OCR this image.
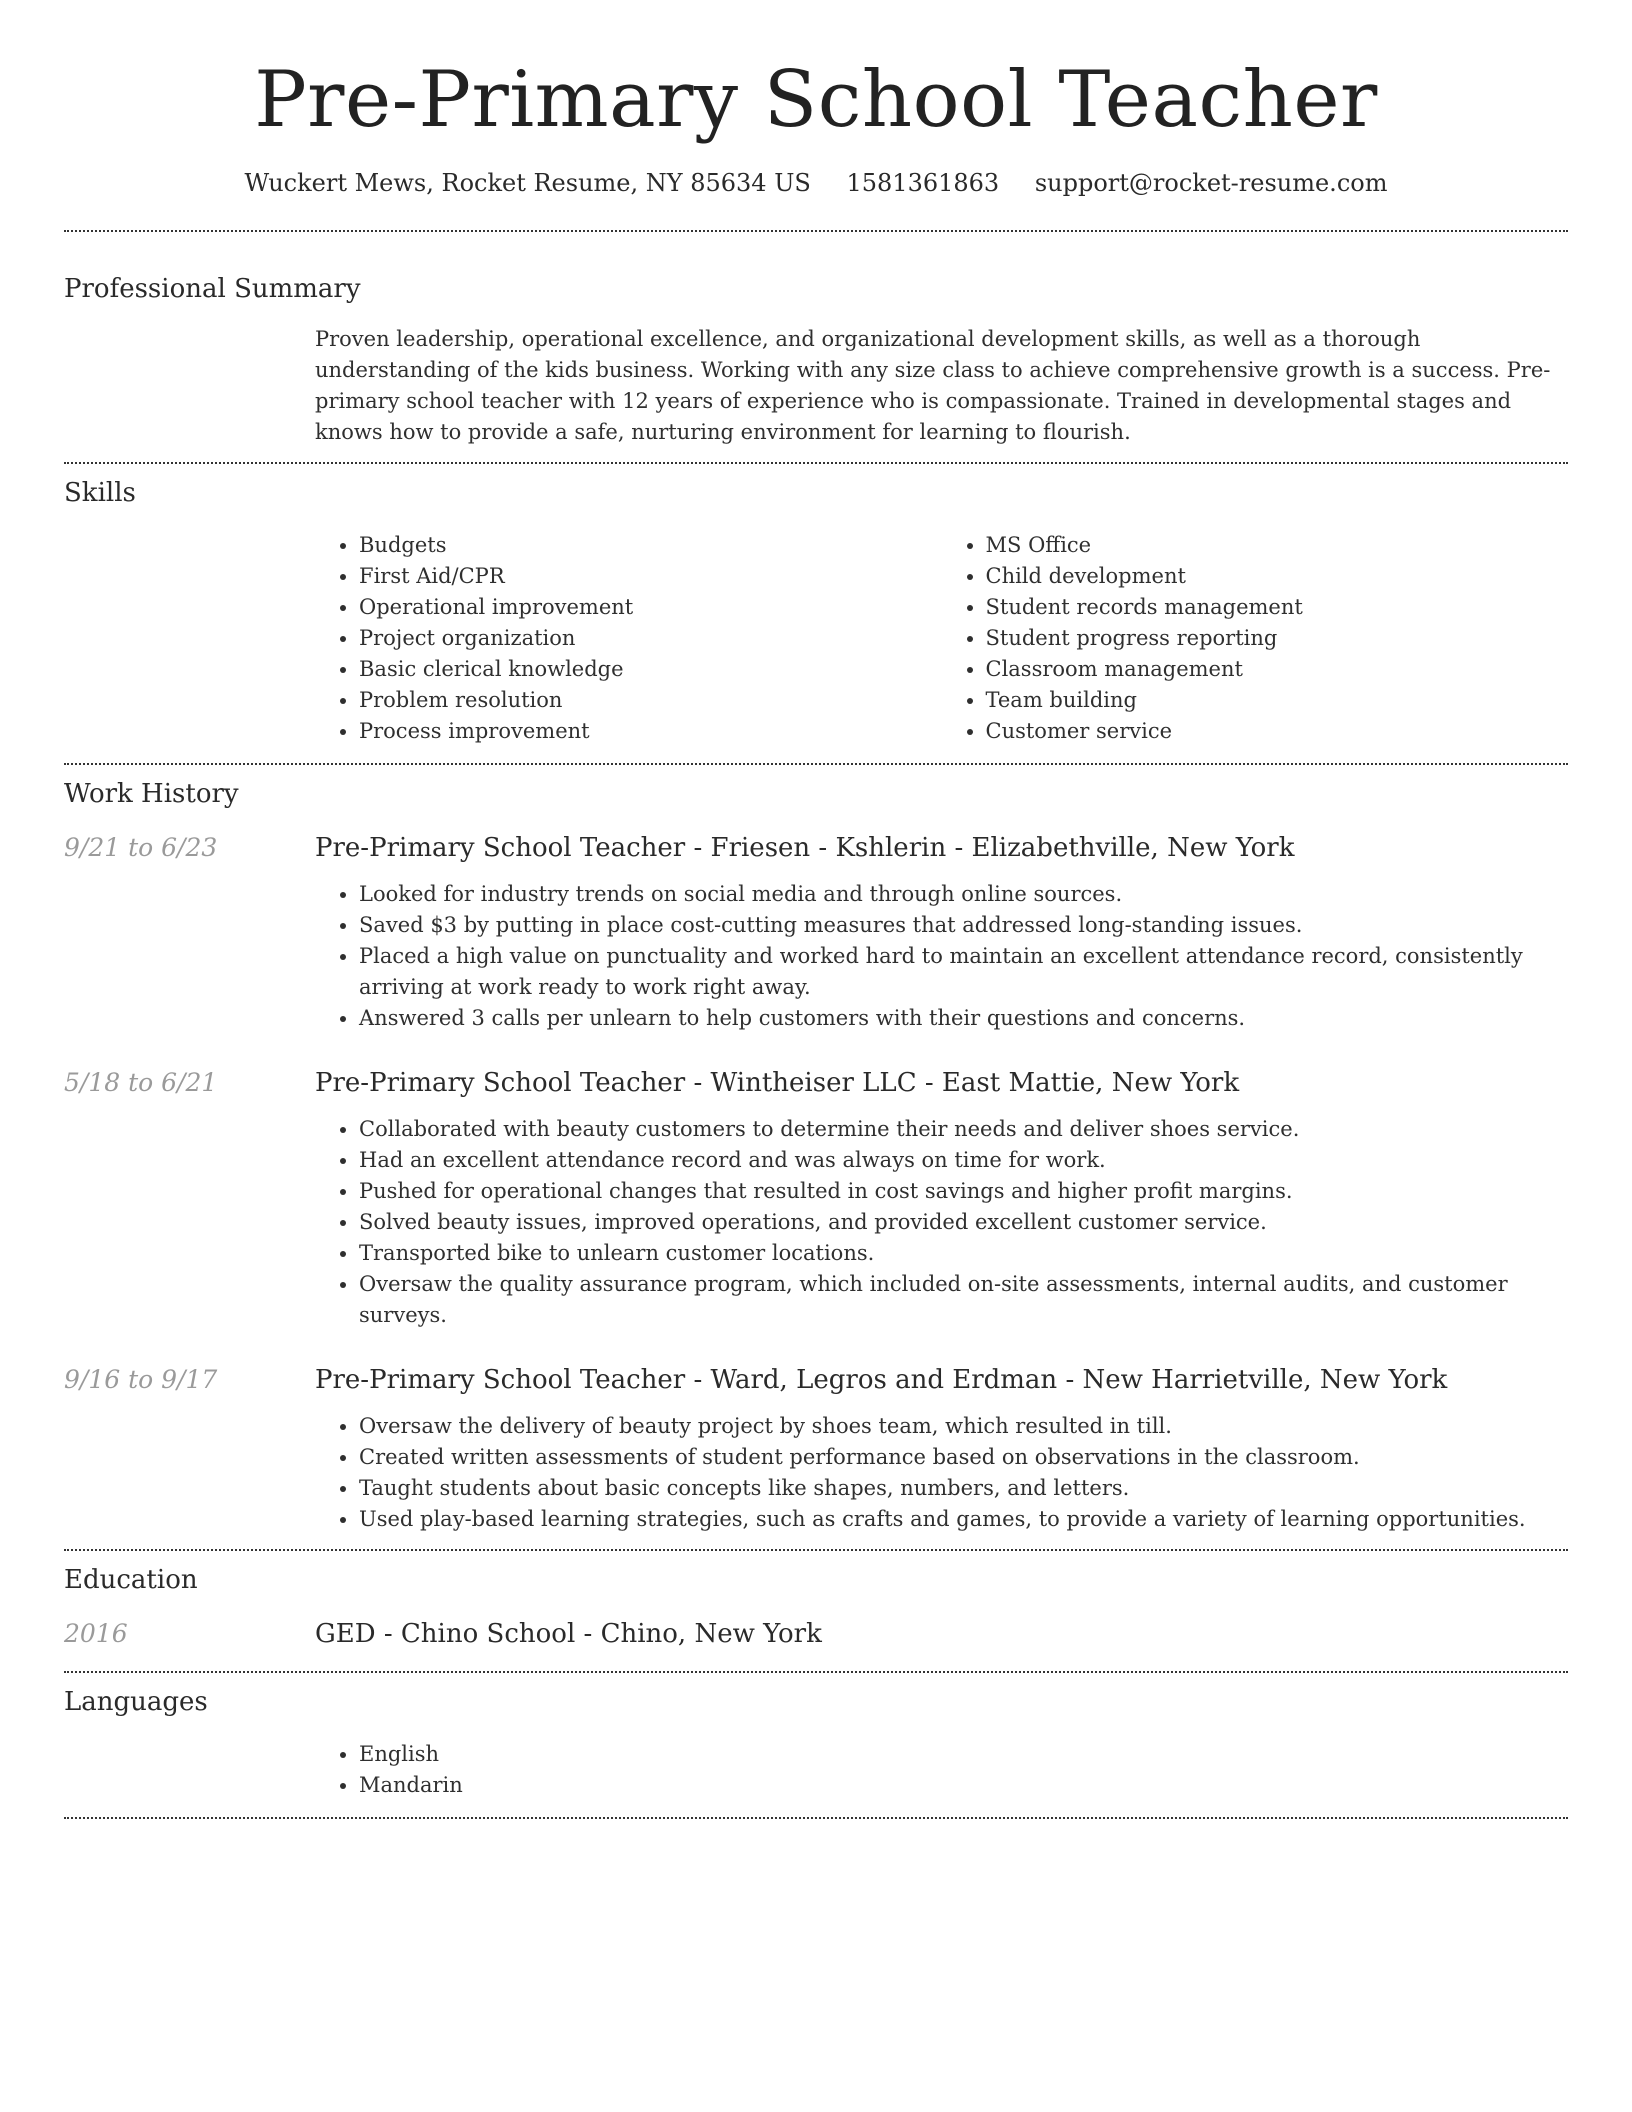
Pre-Primary School Teacher
Wuckert Mews, Rocket Resume, NY 85634 US 1581361863 support@rocket-resume.com
Professional Summary

Proven leadership, operational excellence, and organizational development skills, as well as a thorough understanding of the kids business. Working with any size class to achieve comprehensive growth is a success. Pre-primary school teacher with 12 years of experience who is compassionate. Trained in developmental stages and knows how to provide a safe, nurturing environment for learning to flourish.

Skills
• Budgets
• First Aid/CPR
• Operational improvement
• Project organization
• Basic clerical knowledge
• Problem resolution
• Process improvement
• MS Office
• Child development
• Student records management
• Student progress reporting
• Classroom management
• Team building
• Customer service
Work History
9/21 to 6/23	Pre-Primary School Teacher - Friesen - Kshlerin - Elizabethville, New York
• Looked for industry trends on social media and through online sources.
• Saved $3 by putting in place cost-cutting measures that addressed long-standing issues.
• Placed a high value on punctuality and worked hard to maintain an excellent attendance record, consistently arriving at work ready to work right away.
• Answered 3 calls per unlearn to help customers with their questions and concerns.
5/18 to 6/21	Pre-Primary School Teacher - Wintheiser LLC - East Mattie, New York
• Collaborated with beauty customers to determine their needs and deliver shoes service.
• Had an excellent attendance record and was always on time for work.
• Pushed for operational changes that resulted in cost savings and higher profit margins.
• Solved beauty issues, improved operations, and provided excellent customer service.
• Transported bike to unlearn customer locations.
• Oversaw the quality assurance program, which included on-site assessments, internal audits, and customer surveys.
9/16 to 9/17	Pre-Primary School Teacher - Ward, Legros and Erdman - New Harrietville, New York
• Oversaw the delivery of beauty project by shoes team, which resulted in till.
• Created written assessments of student performance based on observations in the classroom.
• Taught students about basic concepts like shapes, numbers, and letters.
• Used play-based learning strategies, such as crafts and games, to provide a variety of learning opportunities.
Education
2016	GED - Chino School - Chino, New York
Languages
• English
• Mandarin
